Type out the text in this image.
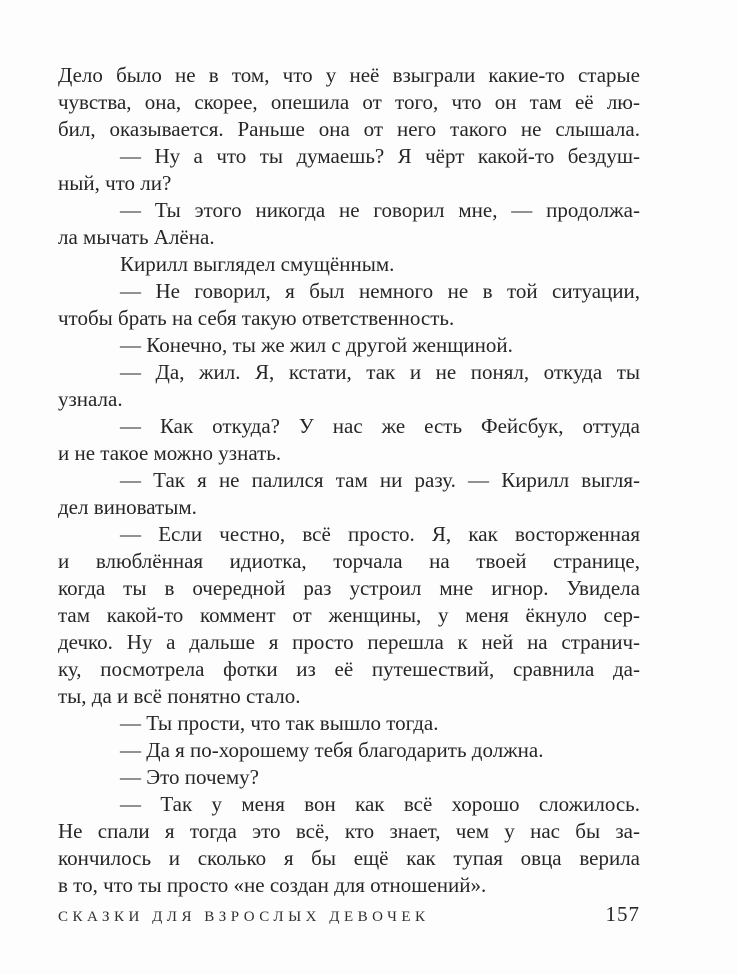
Дело было не в том, что у неё взыграли какие-то старые
чувства, она, скорее, опешила от того, что он там её лю-
бил, оказывается. Раньше она от него такого не слышала.
— Ну а что ты думаешь? Я чёрт какой-то бездуш-
ный, что ли?
— Ты этого никогда не говорил мне, — продолжа-
ла мычать Алёна.
Кирилл выглядел смущённым.
— Не говорил, я был немного не в той ситуации,
чтобы брать на себя такую ответственность.
— Конечно, ты же жил с другой женщиной.
— Да, жил. Я, кстати, так и не понял, откуда ты
узнала.
— Как откуда? У нас же есть Фейсбук, оттуда
и не такое можно узнать.
— Так я не палился там ни разу. — Кирилл выгля-
дел виноватым.
— Если честно, всё просто. Я, как восторженная
и влюблённая идиотка, торчала на твоей странице,
когда ты в очередной раз устроил мне игнор. Увидела
там какой-то коммент от женщины, у меня ёкнуло сер-
дечко. Ну а дальше я просто перешла к ней на странич-
ку, посмотрела фотки из её путешествий, сравнила да-
ты, да и всё понятно стало.
— Ты прости, что так вышло тогда.
— Да я по-хорошему тебя благодарить должна.
— Это почему?
— Так у меня вон как всё хорошо сложилось.
Не спали я тогда это всё, кто знает, чем у нас бы за-
кончилось и сколько я бы ещё как тупая овца верила
в то, что ты просто «не создан для отношений».
СКАЗКИ ДЛЯ ВЗРОСЛЫХ ДЕВОЧЕК	157
